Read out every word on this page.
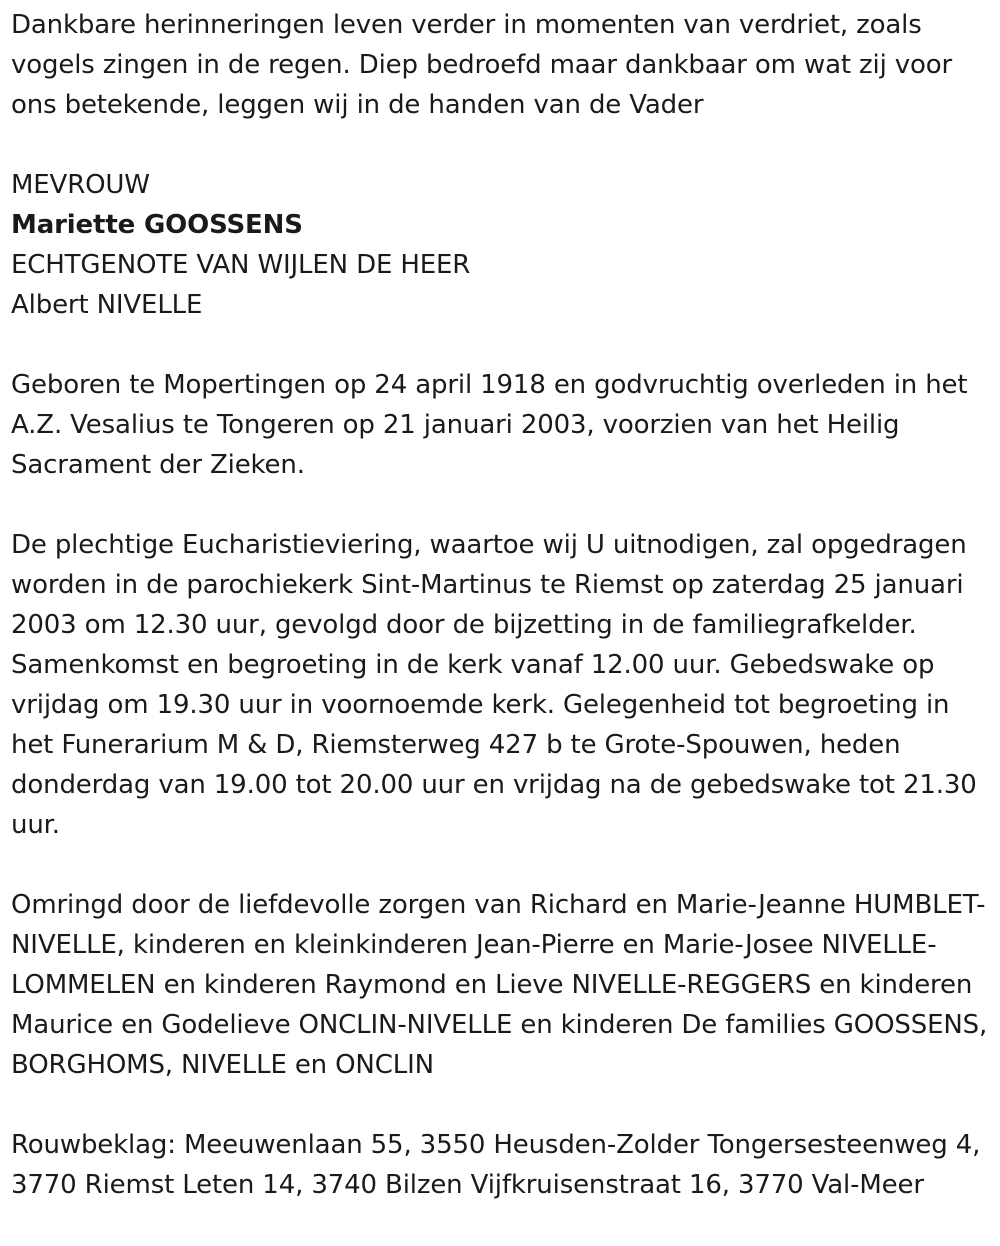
Dankbare herinneringen leven verder in momenten van verdriet, zoals vogels zingen in de regen. Diep bedroefd maar dankbaar om wat zij voor ons betekende, leggen wij in de handen van de Vader

MEVROUW

Mariette GOOSSENS

ECHTGENOTE VAN WIJLEN DE HEER

Albert NIVELLE

Geboren te Mopertingen op 24 april 1918 en godvruchtig overleden in het A.Z. Vesalius te Tongeren op 21 januari 2003, voorzien van het Heilig Sacrament der Zieken.

De plechtige Eucharistieviering, waartoe wij U uitnodigen, zal opgedragen worden in de parochiekerk Sint-Martinus te Riemst op zaterdag 25 januari 2003 om 12.30 uur, gevolgd door de bijzetting in de familiegrafkelder. Samenkomst en begroeting in de kerk vanaf 12.00 uur. Gebedswake op vrijdag om 19.30 uur in voornoemde kerk. Gelegenheid tot begroeting in het Funerarium M & D, Riemsterweg 427 b te Grote-Spouwen, heden donderdag van 19.00 tot 20.00 uur en vrijdag na de gebedswake tot 21.30 uur.

Omringd door de liefdevolle zorgen van Richard en Marie-Jeanne HUMBLET-NIVELLE, kinderen en kleinkinderen Jean-Pierre en Marie-Josee NIVELLE-LOMMELEN en kinderen Raymond en Lieve NIVELLE-REGGERS en kinderen Maurice en Godelieve ONCLIN-NIVELLE en kinderen De families GOOSSENS, BORGHOMS, NIVELLE en ONCLIN

Rouwbeklag: Meeuwenlaan 55, 3550 Heusden-Zolder Tongersesteenweg 4, 3770 Riemst Leten 14, 3740 Bilzen Vijfkruisenstraat 16, 3770 Val-Meer
